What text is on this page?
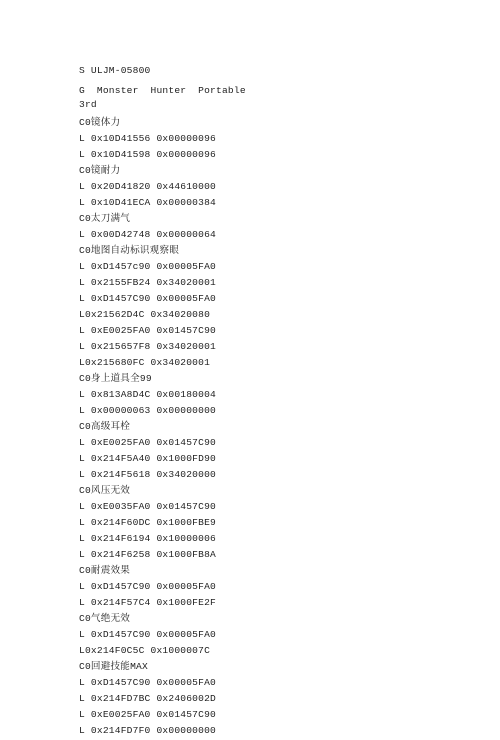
S ULJM-05800
G  Monster  Hunter  Portable
3rd
C0镜体力
L 0x10D41556 0x00000096
L 0x10D41598 0x00000096
C0镜耐力
L 0x20D41820 0x44610000
L 0x10D41ECA 0x00000384
C0太刀满气
L 0x00D42748 0x00000064
C0地图自动标识观察眼
L 0xD1457c90 0x00005FA0
L 0x2155FB24 0x34020001
L 0xD1457C90 0x00005FA0
L0x21562D4C 0x34020080
L 0xE0025FA0 0x01457C90
L 0x215657F8 0x34020001
L0x215680FC 0x34020001
C0身上道具全99
L 0x813A8D4C 0x00180004
L 0x00000063 0x00000000
C0高级耳栓
L 0xE0025FA0 0x01457C90
L 0x214F5A40 0x1000FD90
L 0x214F5618 0x34020000
C0风压无效
L 0xE0035FA0 0x01457C90
L 0x214F60DC 0x1000FBE9
L 0x214F6194 0x10000006
L 0x214F6258 0x1000FB8A
C0耐震效果
L 0xD1457C90 0x00005FA0
L 0x214F57C4 0x1000FE2F
C0气绝无效
L 0xD1457C90 0x00005FA0
L0x214F0C5C 0x1000007C
C0回避技能MAX
L 0xD1457C90 0x00005FA0
L 0x214FD7BC 0x2406002D
L 0xE0025FA0 0x01457C90
L 0x214FD7F0 0x00000000
